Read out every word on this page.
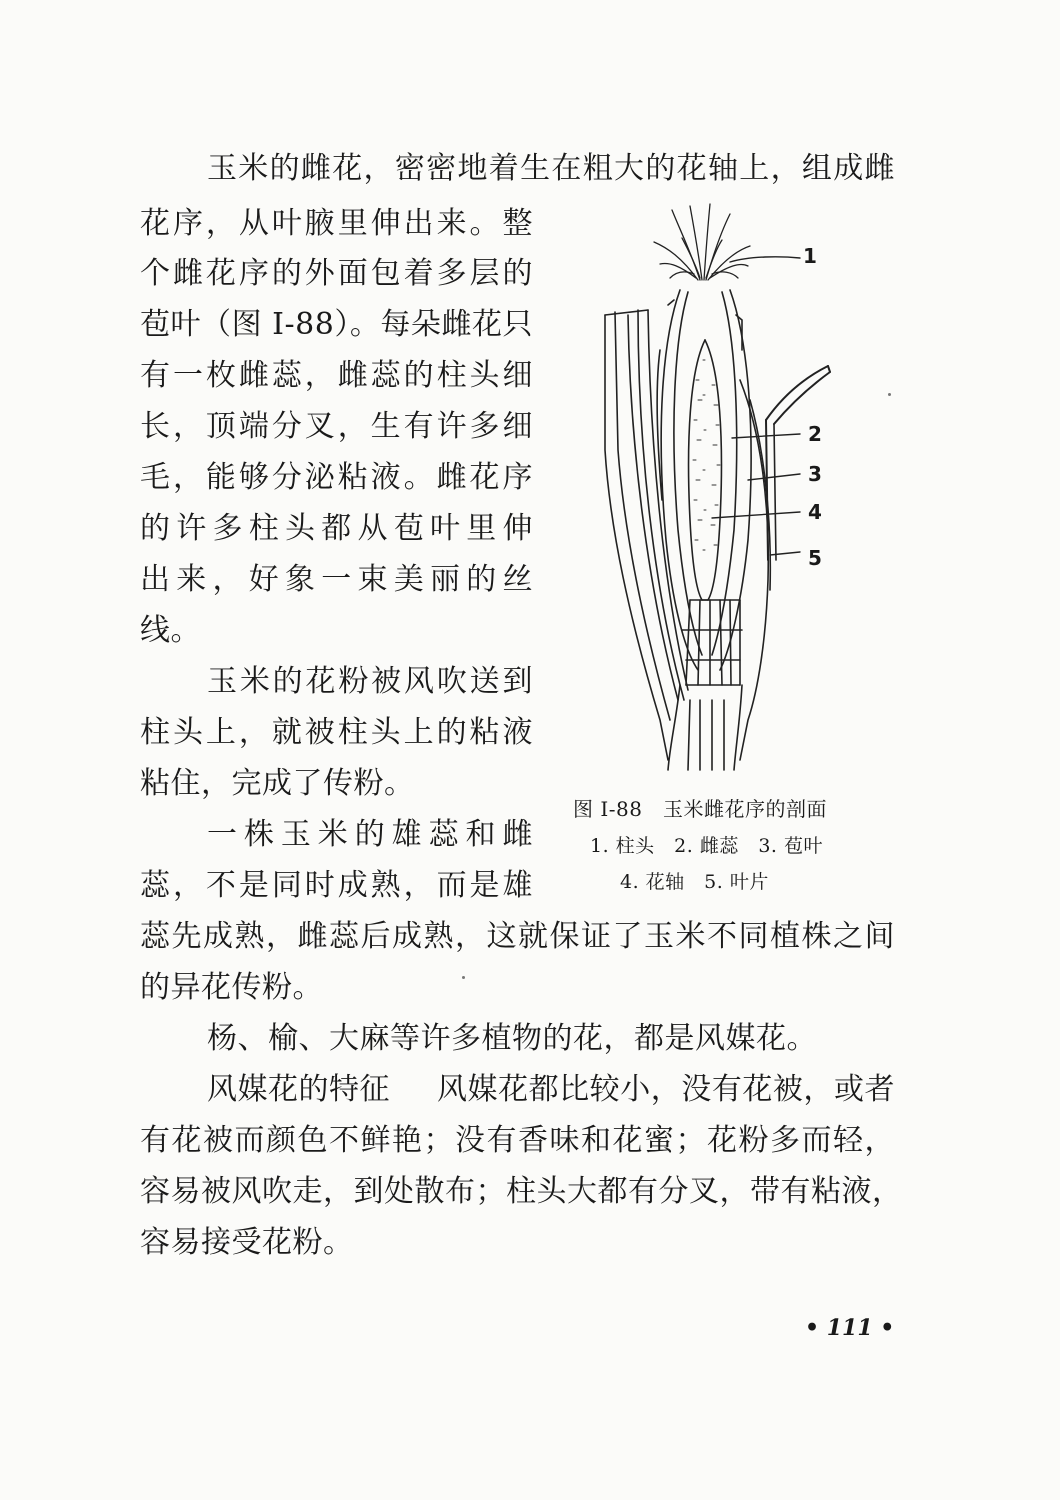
玉米的雌花，密密地着生在粗大的花轴上，组成雌
花序，从叶腋里伸出来。整
个雌花序的外面包着多层的
苞叶（图 I-88）。每朵雌花只
有一枚雌蕊，雌蕊的柱头细
长，顶端分叉，生有许多细
毛，能够分泌粘液。雌花序
的许多柱头都从苞叶里伸
出来，好象一束美丽的丝
线。
玉米的花粉被风吹送到
柱头上，就被柱头上的粘液
粘住，完成了传粉。
一株玉米的雄蕊和雌
蕊，不是同时成熟，而是雄
蕊先成熟，雌蕊后成熟，这就保证了玉米不同植株之间
的异花传粉。
杨、榆、大麻等许多植物的花，都是风媒花。
风媒花的特征 风媒花都比较小，没有花被，或者
有花被而颜色不鲜艳；没有香味和花蜜；花粉多而轻，
容易被风吹走，到处散布；柱头大都有分叉，带有粘液，
容易接受花粉。
1
2
3
4
5
图 I-88　玉米雌花序的剖面
1. 柱头　2. 雌蕊　3. 苞叶
4. 花轴　5. 叶片
• 111 •
